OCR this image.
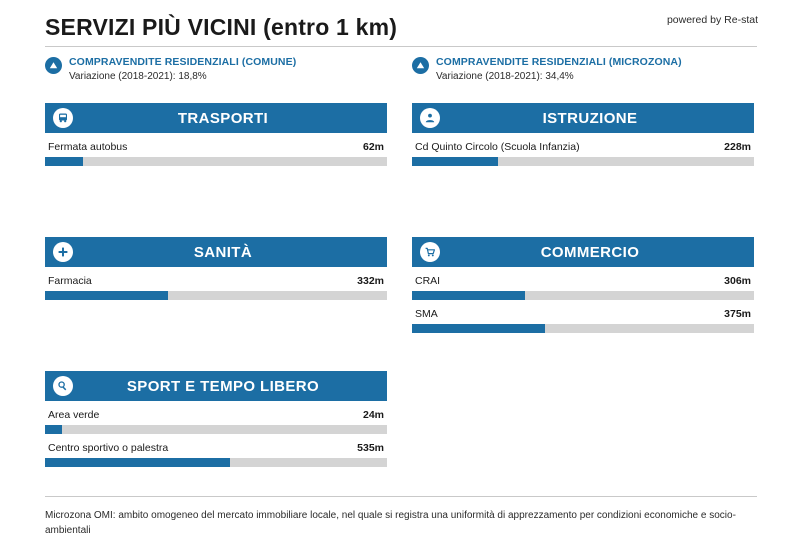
SERVIZI PIÙ VICINI (entro 1 km)	powered by Re-stat
COMPRAVENDITE RESIDENZIALI (COMUNE)
Variazione (2018-2021): 18,8%
COMPRAVENDITE RESIDENZIALI (MICROZONA)
Variazione (2018-2021): 34,4%
TRASPORTI
Fermata autobus	62m
ISTRUZIONE
Cd Quinto Circolo (Scuola Infanzia)	228m
SANITÀ
Farmacia	332m
COMMERCIO
CRAI	306m
SMA	375m
SPORT E TEMPO LIBERO
Area verde	24m
Centro sportivo o palestra	535m
Microzona OMI: ambito omogeneo del mercato immobiliare locale, nel quale si registra una uniformità di apprezzamento per condizioni economiche e socio-ambientali
